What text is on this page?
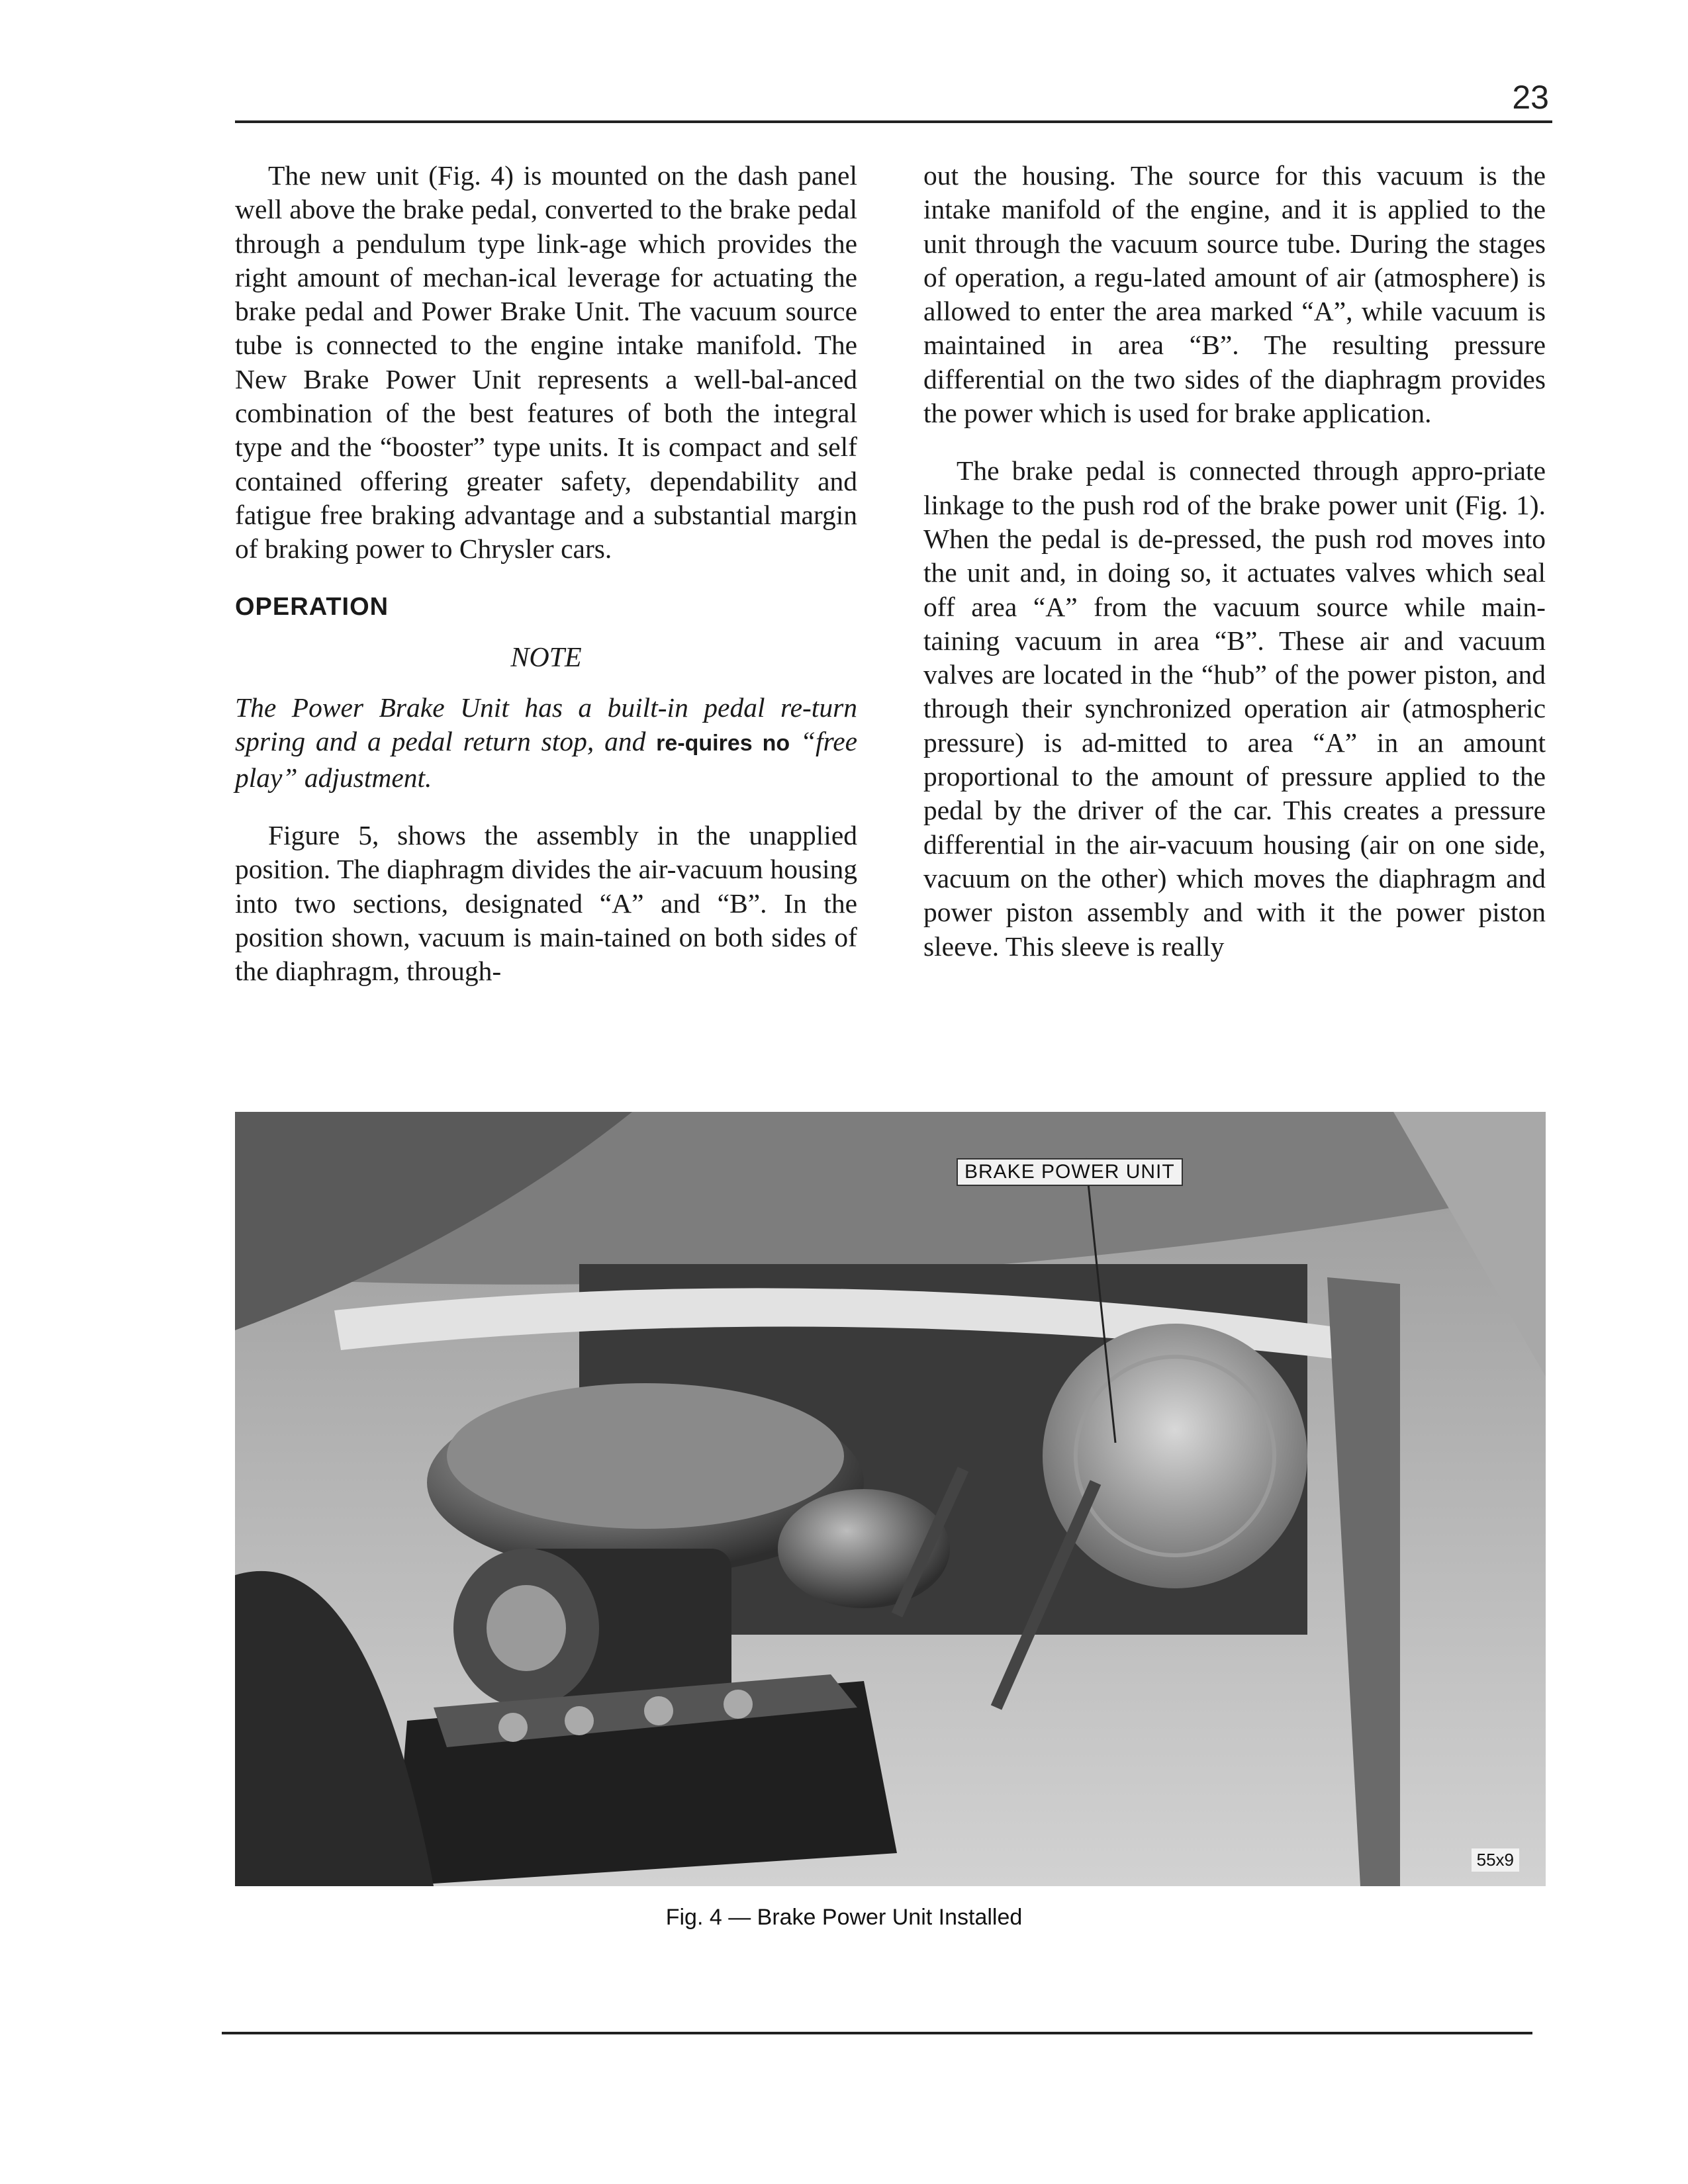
23

The new unit (Fig. 4) is mounted on the dash panel well above the brake pedal, converted to the brake pedal through a pendulum type link-age which provides the right amount of mechan-ical leverage for actuating the brake pedal and Power Brake Unit. The vacuum source tube is connected to the engine intake manifold. The New Brake Power Unit represents a well-bal-anced combination of the best features of both the integral type and the “booster” type units. It is compact and self contained offering greater safety, dependability and fatigue free braking advantage and a substantial margin of braking power to Chrysler cars.

OPERATION
NOTE

The Power Brake Unit has a built-in pedal re-turn spring and a pedal return stop, and re-quires no “free play” adjustment.

Figure 5, shows the assembly in the unapplied position. The diaphragm divides the air-vacuum housing into two sections, designated “A” and “B”. In the position shown, vacuum is main-tained on both sides of the diaphragm, through-

out the housing. The source for this vacuum is the intake manifold of the engine, and it is applied to the unit through the vacuum source tube. During the stages of operation, a regu-lated amount of air (atmosphere) is allowed to enter the area marked “A”, while vacuum is maintained in area “B”. The resulting pressure differential on the two sides of the diaphragm provides the power which is used for brake application.

The brake pedal is connected through appro-priate linkage to the push rod of the brake power unit (Fig. 1). When the pedal is de-pressed, the push rod moves into the unit and, in doing so, it actuates valves which seal off area “A” from the vacuum source while main-taining vacuum in area “B”. These air and vacuum valves are located in the “hub” of the power piston, and through their synchronized operation air (atmospheric pressure) is ad-mitted to area “A” in an amount proportional to the amount of pressure applied to the pedal by the driver of the car. This creates a pressure differential in the air-vacuum housing (air on one side, vacuum on the other) which moves the diaphragm and power piston assembly and with it the power piston sleeve. This sleeve is really

BRAKE POWER UNIT
55x9
Fig. 4 — Brake Power Unit Installed
